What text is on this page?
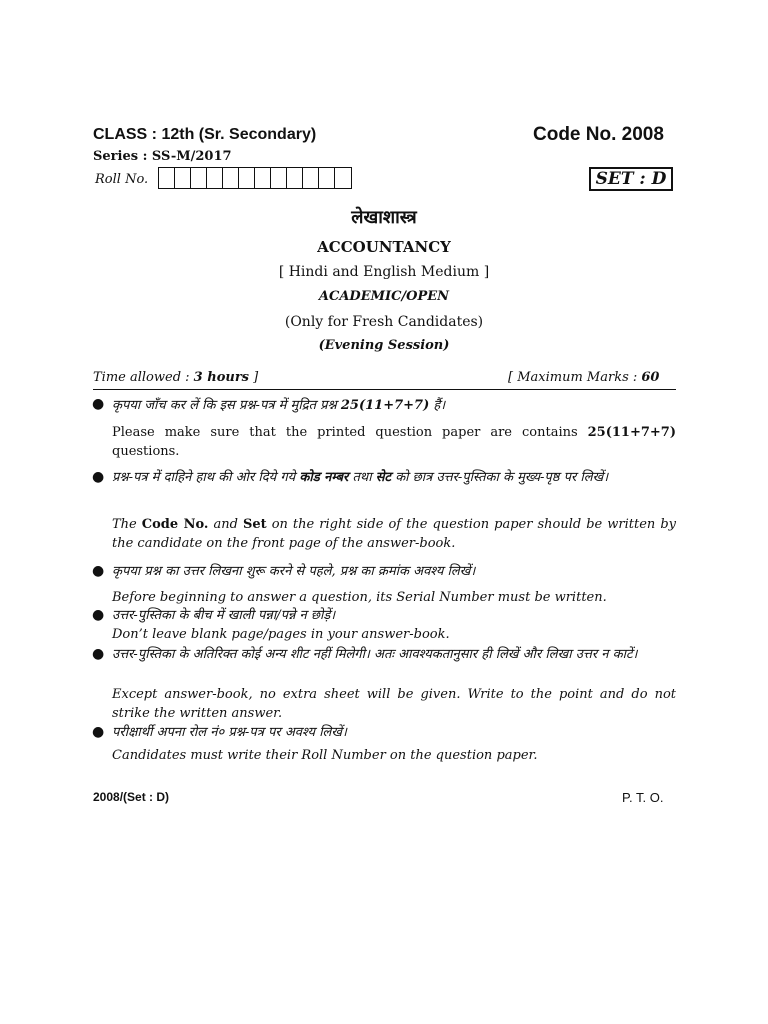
CLASS : 12th (Sr. Secondary)	Code No. 2008
Series : SS-M/2017
Roll No.	SET : D
लेखाशास्त्र
ACCOUNTANCY
[ Hindi and English Medium ]
ACADEMIC/OPEN
(Only for Fresh Candidates)
(Evening Session)
Time allowed : 3 hours ]	[ Maximum Marks : 60
● कृपया जाँच कर लें कि इस प्रश्न-पत्र में मुद्रित प्रश्न 25(11+7+7) हैं।
Please make sure that the printed question paper are contains 25(11+7+7) questions.
● प्रश्न-पत्र में दाहिने हाथ की ओर दिये गये कोड नम्बर तथा सेट को छात्र उत्तर-पुस्तिका के मुख्य-पृष्ठ पर लिखें।
The Code No. and Set on the right side of the question paper should be written by the candidate on the front page of the answer-book.
● कृपया प्रश्न का उत्तर लिखना शुरू करने से पहले, प्रश्न का क्रमांक अवश्य लिखें।
Before beginning to answer a question, its Serial Number must be written.
● उत्तर-पुस्तिका के बीच में खाली पन्ना/पन्ने न छोड़ें।
Don’t leave blank page/pages in your answer-book.
● उत्तर-पुस्तिका के अतिरिक्त कोई अन्य शीट नहीं मिलेगी। अतः आवश्यकतानुसार ही लिखें और लिखा उत्तर न काटें।
Except answer-book, no extra sheet will be given. Write to the point and do not strike the written answer.
● परीक्षार्थी अपना रोल नं० प्रश्न-पत्र पर अवश्य लिखें।
Candidates must write their Roll Number on the question paper.
2008/(Set : D)	P. T. O.
